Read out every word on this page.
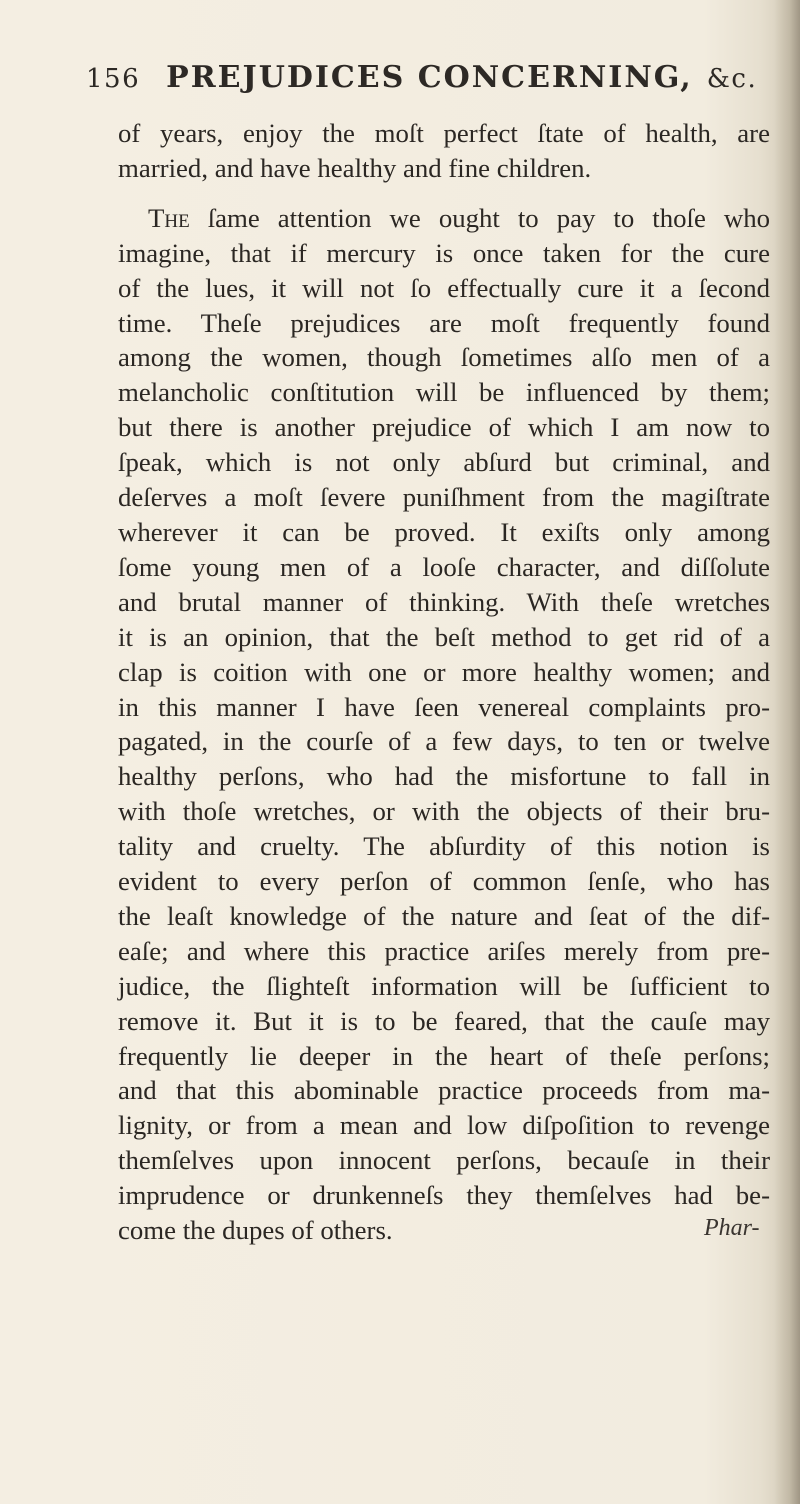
156 PREJUDICES CONCERNING, &c.
of years, enjoy the moſt perfect ſtate of health, are
married, and have healthy and fine children.
The ſame attention we ought to pay to thoſe who
imagine, that if mercury is once taken for the cure
of the lues, it will not ſo effectually cure it a ſecond
time. Theſe prejudices are moſt frequently found
among the women, though ſometimes alſo men of a
melancholic conſtitution will be influenced by them;
but there is another prejudice of which I am now to
ſpeak, which is not only abſurd but criminal, and
deſerves a moſt ſevere puniſhment from the magiſtrate
wherever it can be proved. It exiſts only among
ſome young men of a looſe character, and diſſolute
and brutal manner of thinking. With theſe wretches
it is an opinion, that the beſt method to get rid of a
clap is coition with one or more healthy women; and
in this manner I have ſeen venereal complaints pro-
pagated, in the courſe of a few days, to ten or twelve
healthy perſons, who had the misfortune to fall in
with thoſe wretches, or with the objects of their bru-
tality and cruelty. The abſurdity of this notion is
evident to every perſon of common ſenſe, who has
the leaſt knowledge of the nature and ſeat of the dif-
eaſe; and where this practice ariſes merely from pre-
judice, the ſlighteſt information will be ſufficient to
remove it. But it is to be feared, that the cauſe may
frequently lie deeper in the heart of theſe perſons;
and that this abominable practice proceeds from ma-
lignity, or from a mean and low diſpoſition to revenge
themſelves upon innocent perſons, becauſe in their
imprudence or drunkenneſs they themſelves had be-
come the dupes of others.	Phar-
